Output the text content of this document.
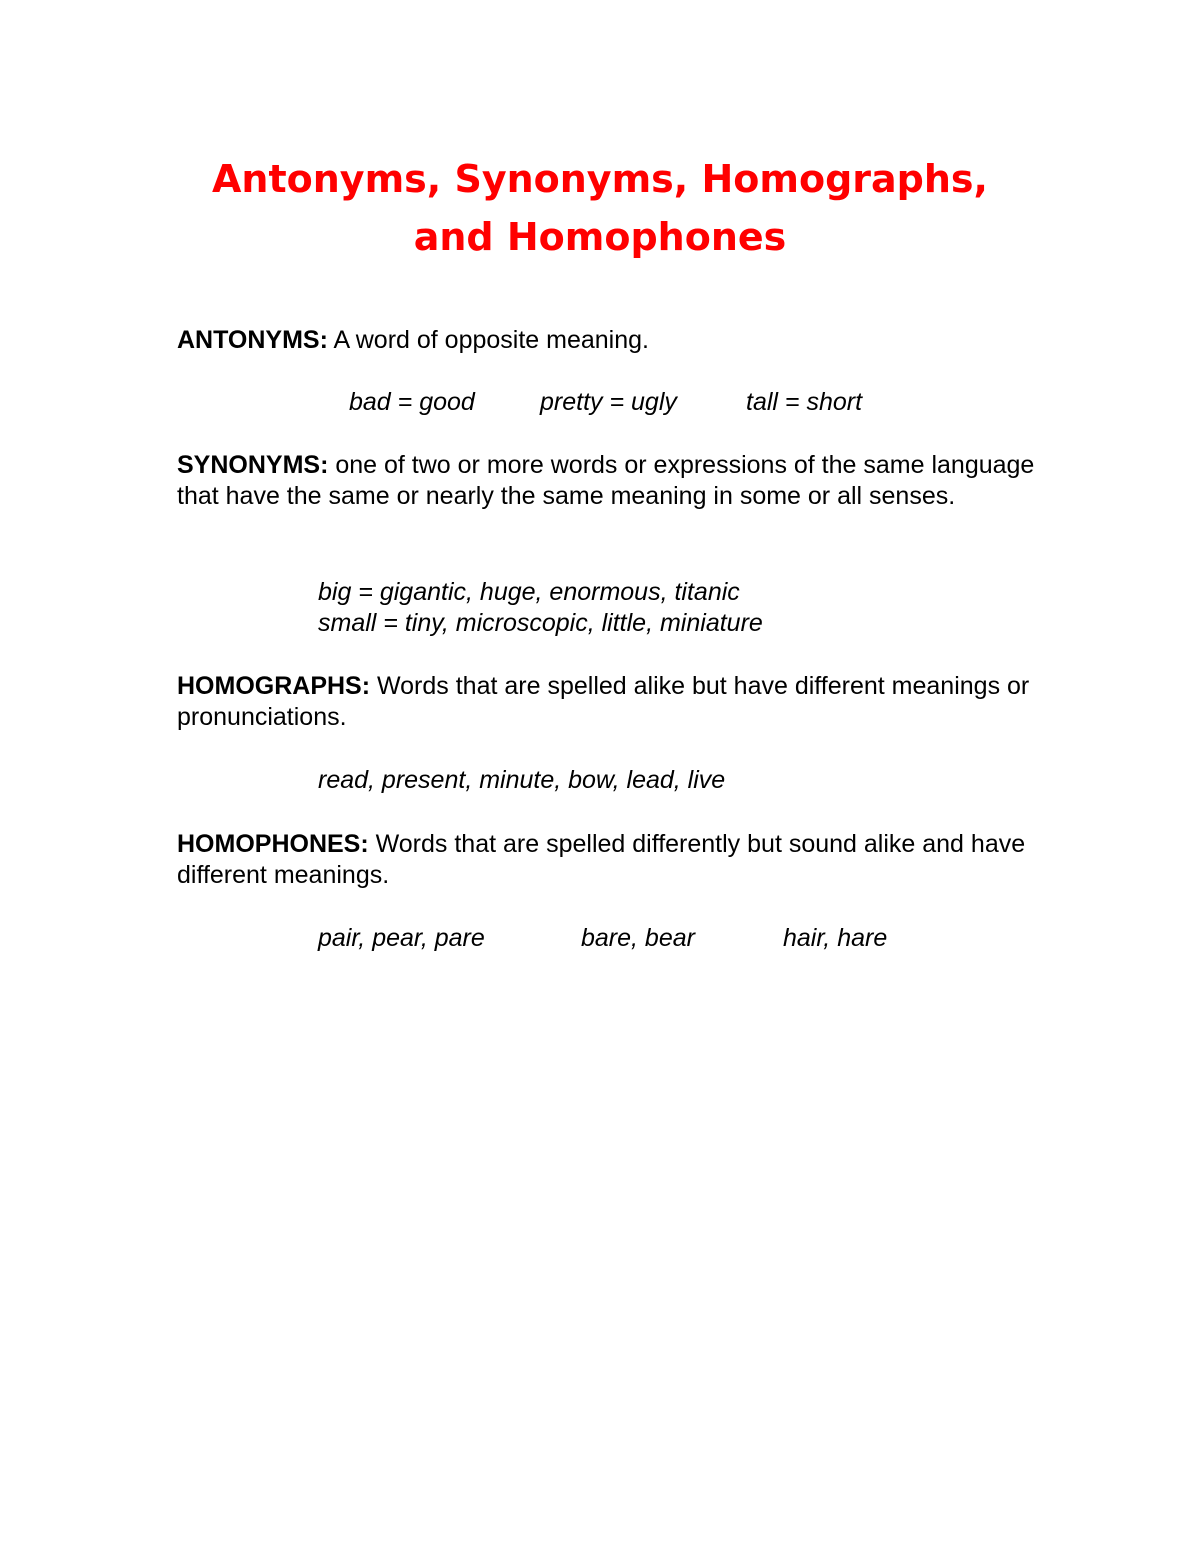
Antonyms, Synonyms, Homographs,
and Homophones

ANTONYMS: A word of opposite meaning.

bad = good	pretty = ugly	tall = short

SYNONYMS: one of two or more words or expressions of the same language that have the same or nearly the same meaning in some or all senses.

big = gigantic, huge, enormous, titanic
small = tiny, microscopic, little, miniature

HOMOGRAPHS: Words that are spelled alike but have different meanings or pronunciations.

read, present, minute, bow, lead, live

HOMOPHONES: Words that are spelled differently but sound alike and have different meanings.

pair, pear, pare	bare, bear	hair, hare
